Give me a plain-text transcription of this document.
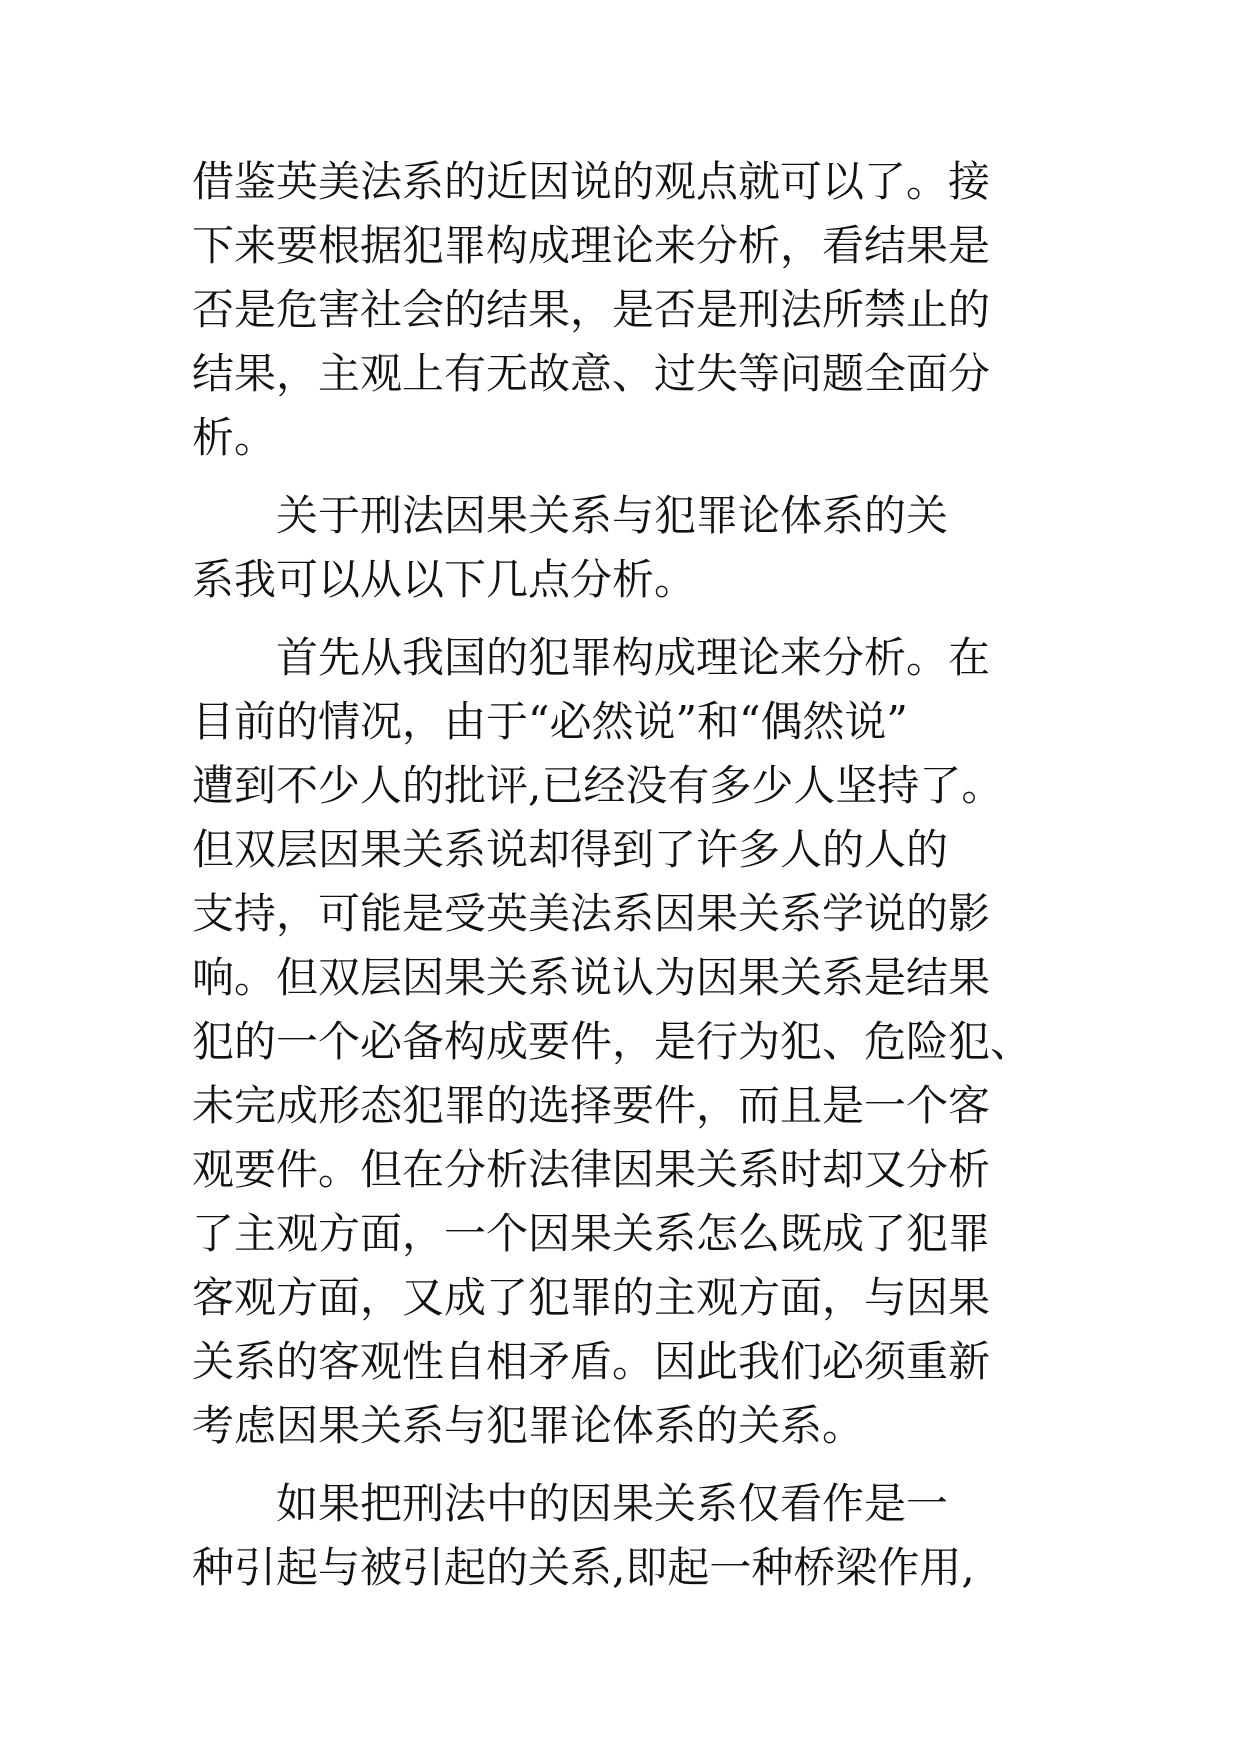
借鉴英美法系的近因说的观点就可以了。接
下来要根据犯罪构成理论来分析，看结果是
否是危害社会的结果，是否是刑法所禁止的
结果，主观上有无故意、过失等问题全面分
析。
　　关于刑法因果关系与犯罪论体系的关
系我可以从以下几点分析。
　　首先从我国的犯罪构成理论来分析。在
目前的情况，由于“必然说”和“偶然说”
遭到不少人的批评,已经没有多少人坚持了。
但双层因果关系说却得到了许多人的人的
支持，可能是受英美法系因果关系学说的影
响。但双层因果关系说认为因果关系是结果
犯的一个必备构成要件，是行为犯、危险犯、
未完成形态犯罪的选择要件，而且是一个客
观要件。但在分析法律因果关系时却又分析
了主观方面，一个因果关系怎么既成了犯罪
客观方面，又成了犯罪的主观方面，与因果
关系的客观性自相矛盾。因此我们必须重新
考虑因果关系与犯罪论体系的关系。
　　如果把刑法中的因果关系仅看作是一
种引起与被引起的关系,即起一种桥梁作用,
